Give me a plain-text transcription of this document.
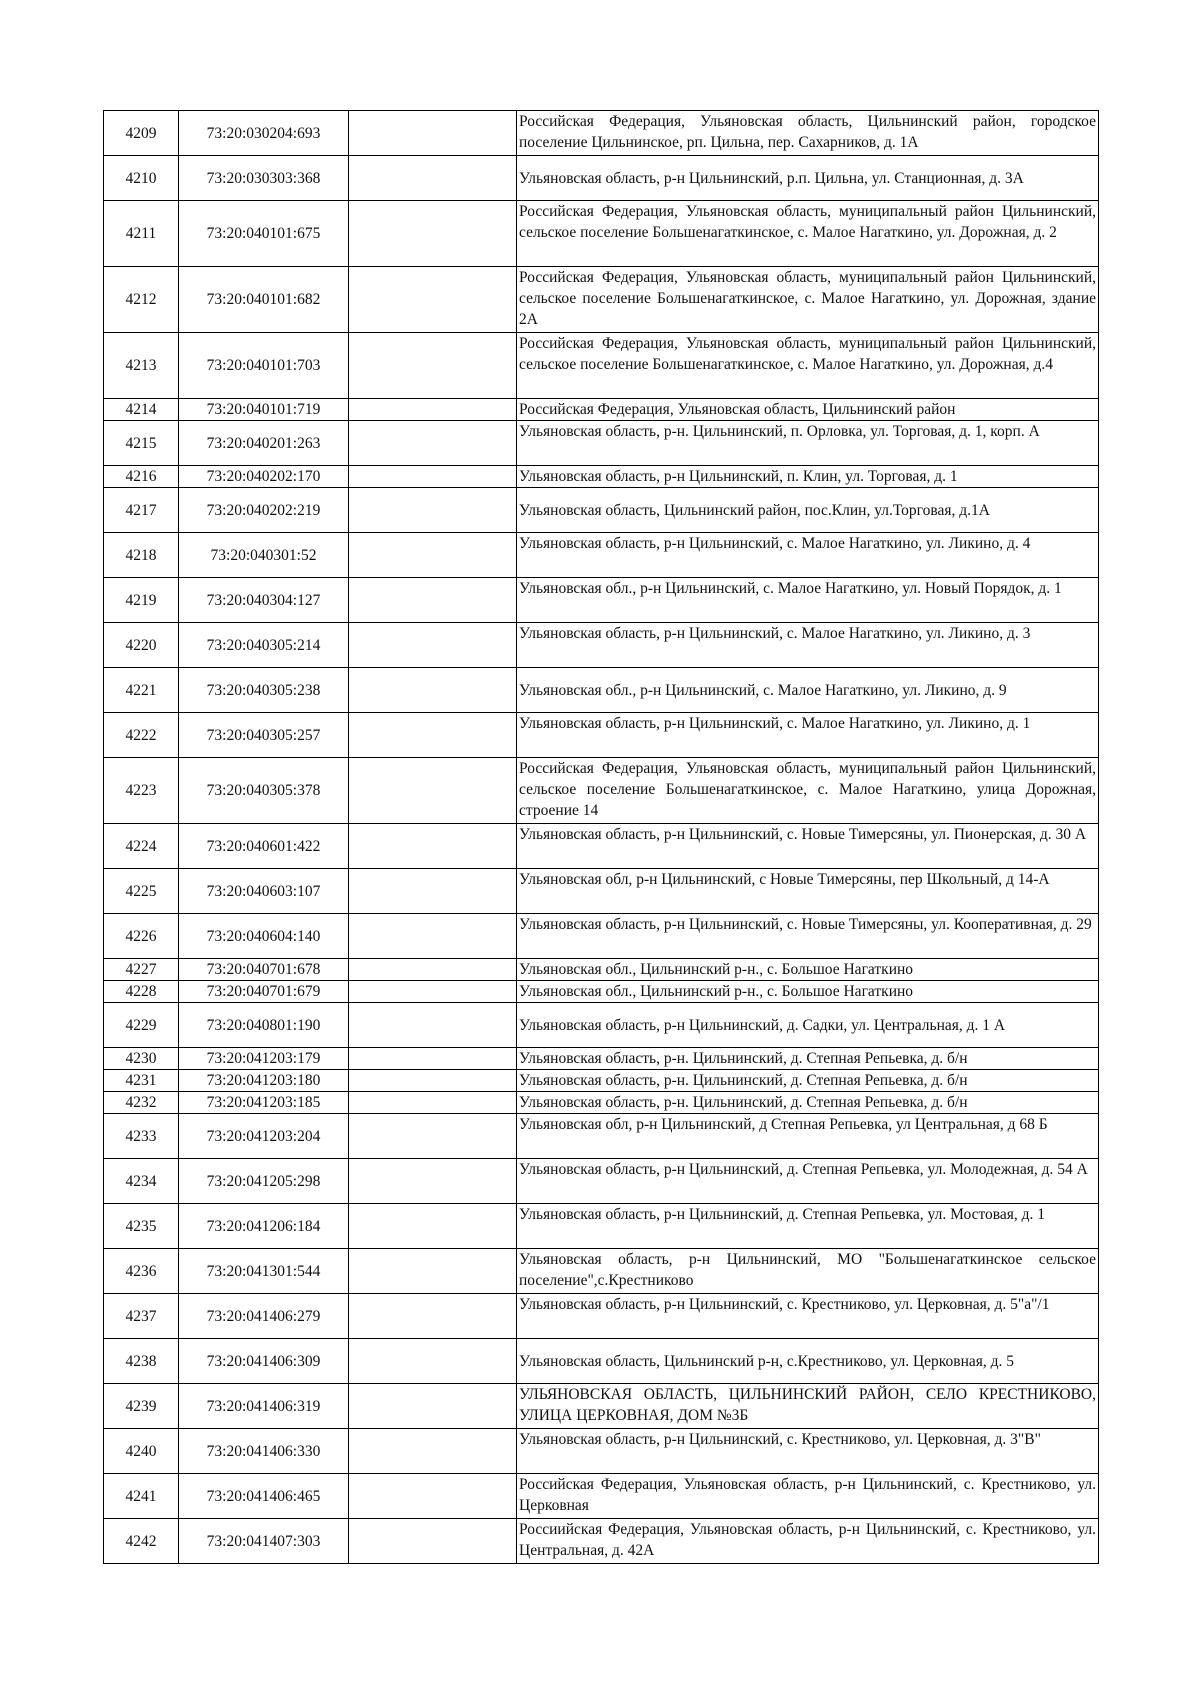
4209	73:20:030204:693		Российская Федерация, Ульяновская область, Цильнинский район, городское поселение Цильнинское, рп. Цильна, пер. Сахарников, д. 1А
4210	73:20:030303:368		Ульяновская область, р-н Цильнинский, р.п. Цильна, ул. Станционная, д. 3А
4211	73:20:040101:675		Российская Федерация, Ульяновская область, муниципальный район Цильнинский, сельское поселение Большенагаткинское, с. Малое Нагаткино, ул. Дорожная, д. 2
4212	73:20:040101:682		Российская Федерация, Ульяновская область, муниципальный район Цильнинский, сельское поселение Большенагаткинское, с. Малое Нагаткино, ул. Дорожная, здание 2А
4213	73:20:040101:703		Российская Федерация, Ульяновская область, муниципальный район Цильнинский, сельское поселение Большенагаткинское, с. Малое Нагаткино, ул. Дорожная, д.4
4214	73:20:040101:719		Российская Федерация, Ульяновская область, Цильнинский район
4215	73:20:040201:263		Ульяновская область, р-н. Цильнинский, п. Орловка, ул. Торговая, д. 1, корп. А
4216	73:20:040202:170		Ульяновская область, р-н Цильнинский, п. Клин, ул. Торговая, д. 1
4217	73:20:040202:219		Ульяновская область, Цильнинский район, пос.Клин, ул.Торговая, д.1А
4218	73:20:040301:52		Ульяновская область, р-н Цильнинский, с. Малое Нагаткино, ул. Ликино, д. 4
4219	73:20:040304:127		Ульяновская обл., р-н Цильнинский, с. Малое Нагаткино, ул. Новый Порядок, д. 1
4220	73:20:040305:214		Ульяновская область, р-н Цильнинский, с. Малое Нагаткино, ул. Ликино, д. 3
4221	73:20:040305:238		Ульяновская обл., р-н Цильнинский, с. Малое Нагаткино, ул. Ликино, д. 9
4222	73:20:040305:257		Ульяновская область, р-н Цильнинский, с. Малое Нагаткино, ул. Ликино, д. 1
4223	73:20:040305:378		Российская Федерация, Ульяновская область, муниципальный район Цильнинский, сельское поселение Большенагаткинское, с. Малое Нагаткино, улица Дорожная, строение 14
4224	73:20:040601:422		Ульяновская область, р-н Цильнинский, с. Новые Тимерсяны, ул. Пионерская, д. 30 А
4225	73:20:040603:107		Ульяновская обл, р-н Цильнинский, с Новые Тимерсяны, пер Школьный, д 14-А
4226	73:20:040604:140		Ульяновская область, р-н Цильнинский, с. Новые Тимерсяны, ул. Кооперативная, д. 29
4227	73:20:040701:678		Ульяновская обл., Цильнинский р-н., с. Большое Нагаткино
4228	73:20:040701:679		Ульяновская обл., Цильнинский р-н., с. Большое Нагаткино
4229	73:20:040801:190		Ульяновская область, р-н Цильнинский, д. Садки, ул. Центральная, д. 1 А
4230	73:20:041203:179		Ульяновская область, р-н. Цильнинский, д. Степная Репьевка, д. б/н
4231	73:20:041203:180		Ульяновская область, р-н. Цильнинский, д. Степная Репьевка, д. б/н
4232	73:20:041203:185		Ульяновская область, р-н. Цильнинский, д. Степная Репьевка, д. б/н
4233	73:20:041203:204		Ульяновская обл, р-н Цильнинский, д Степная Репьевка, ул Центральная, д 68 Б
4234	73:20:041205:298		Ульяновская область, р-н Цильнинский, д. Степная Репьевка, ул. Молодежная, д. 54 А
4235	73:20:041206:184		Ульяновская область, р-н Цильнинский, д. Степная Репьевка, ул. Мостовая, д. 1
4236	73:20:041301:544		Ульяновская область, р-н Цильнинский, МО "Большенагаткинское сельское поселение",с.Крестниково
4237	73:20:041406:279		Ульяновская область, р-н Цильнинский, с. Крестниково, ул. Церковная, д. 5"а"/1
4238	73:20:041406:309		Ульяновская область, Цильнинский р-н, с.Крестниково, ул. Церковная, д. 5
4239	73:20:041406:319		УЛЬЯНОВСКАЯ ОБЛАСТЬ, ЦИЛЬНИНСКИЙ РАЙОН, СЕЛО КРЕСТНИКОВО, УЛИЦА ЦЕРКОВНАЯ, ДОМ №3Б
4240	73:20:041406:330		Ульяновская область, р-н Цильнинский, с. Крестниково, ул. Церковная, д. 3"В"
4241	73:20:041406:465		Российская Федерация, Ульяновская область, р-н Цильнинский, с. Крестниково, ул. Церковная
4242	73:20:041407:303		Россиийская Федерация, Ульяновская область, р-н Цильнинский, с. Крестниково, ул. Центральная, д. 42А
